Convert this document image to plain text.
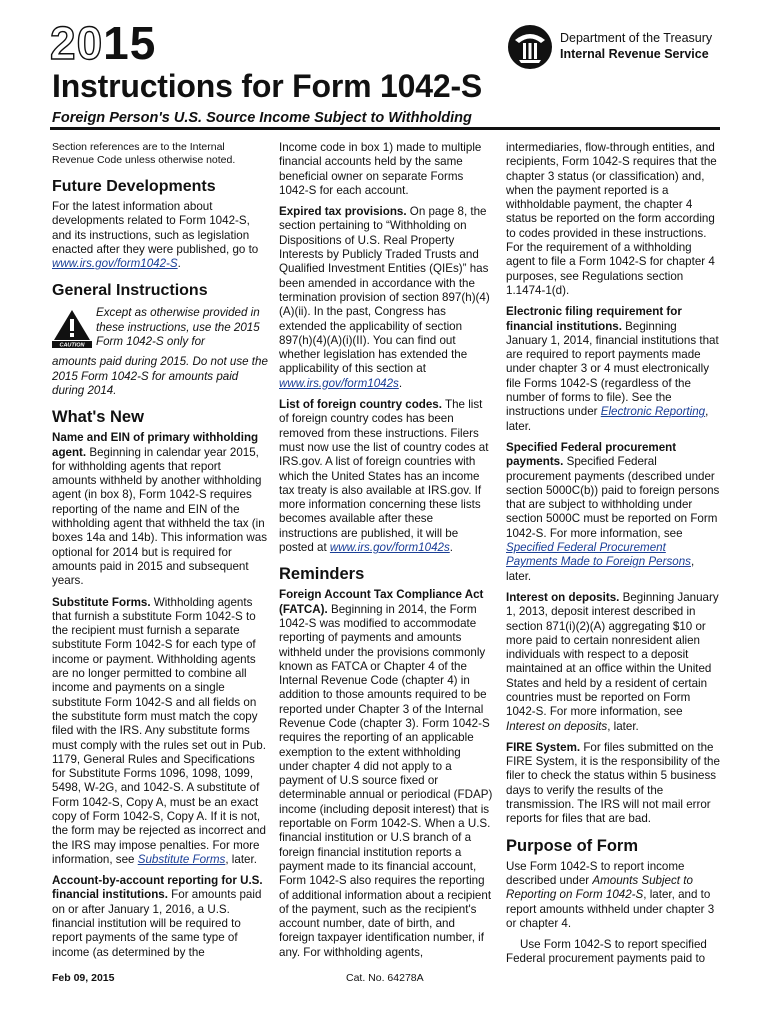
2015
Instructions for Form 1042-S
Foreign Person's U.S. Source Income Subject to Withholding
Department of the Treasury
Internal Revenue Service

Section references are to the Internal Revenue Code unless otherwise noted.

Future Developments

For the latest information about developments related to Form 1042-S, and its instructions, such as legislation enacted after they were published, go to www.irs.gov/form1042-S.

General Instructions
CAUTION
Except as otherwise provided in these instructions, use the 2015 Form 1042-S only for

amounts paid during 2015. Do not use the 2015 Form 1042-S for amounts paid during 2014.

What's New

Name and EIN of primary withholding agent. Beginning in calendar year 2015, for withholding agents that report amounts withheld by another withholding agent (in box 8), Form 1042-S requires reporting of the name and EIN of the withholding agent that withheld the tax (in boxes 14a and 14b). This information was optional for 2014 but is required for amounts paid in 2015 and subsequent years.

Substitute Forms. Withholding agents that furnish a substitute Form 1042-S to the recipient must furnish a separate substitute Form 1042-S for each type of income or payment. Withholding agents are no longer permitted to combine all income and payments on a single substitute Form 1042-S and all fields on the substitute form must match the copy filed with the IRS. Any substitute forms must comply with the rules set out in Pub. 1179, General Rules and Specifications for Substitute Forms 1096, 1098, 1099, 5498, W-2G, and 1042-S. A substitute of Form 1042-S, Copy A, must be an exact copy of Form 1042-S, Copy A. If it is not, the form may be rejected as incorrect and the IRS may impose penalties. For more information, see Substitute Forms, later.

Account-by-account reporting for U.S. financial institutions. For amounts paid on or after January 1, 2016, a U.S. financial institution will be required to report payments of the same type of income (as determined by the

Income code in box 1) made to multiple financial accounts held by the same beneficial owner on separate Forms 1042-S for each account.

Expired tax provisions. On page 8, the section pertaining to “Withholding on Dispositions of U.S. Real Property Interests by Publicly Traded Trusts and Qualified Investment Entities (QIEs)” has been amended in accordance with the termination provision of section 897(h)(4) (A)(ii). In the past, Congress has extended the applicability of section 897(h)(4)(A)(i)(II). You can find out whether legislation has extended the applicability of this section at www.irs.gov/form1042s.

List of foreign country codes. The list of foreign country codes has been removed from these instructions. Filers must now use the list of country codes at IRS.gov. A list of foreign countries with which the United States has an income tax treaty is also available at IRS.gov. If more information concerning these lists becomes available after these instructions are published, it will be posted at www.irs.gov/form1042s.

Reminders

Foreign Account Tax Compliance Act (FATCA). Beginning in 2014, the Form 1042-S was modified to accommodate reporting of payments and amounts withheld under the provisions commonly known as FATCA or Chapter 4 of the Internal Revenue Code (chapter 4) in addition to those amounts required to be reported under Chapter 3 of the Internal Revenue Code (chapter 3). Form 1042-S requires the reporting of an applicable exemption to the extent withholding under chapter 4 did not apply to a payment of U.S source fixed or determinable annual or periodical (FDAP) income (including deposit interest) that is reportable on Form 1042-S. When a U.S. financial institution or U.S branch of a foreign financial institution reports a payment made to its financial account, Form 1042-S also requires the reporting of additional information about a recipient of the payment, such as the recipient's account number, date of birth, and foreign taxpayer identification number, if any. For withholding agents,

intermediaries, flow-through entities, and recipients, Form 1042-S requires that the chapter 3 status (or classification) and, when the payment reported is a withholdable payment, the chapter 4 status be reported on the form according to codes provided in these instructions. For the requirement of a withholding agent to file a Form 1042-S for chapter 4 purposes, see Regulations section 1.1474-1(d).

Electronic filing requirement for financial institutions. Beginning January 1, 2014, financial institutions that are required to report payments made under chapter 3 or 4 must electronically file Forms 1042-S (regardless of the number of forms to file). See the instructions under Electronic Reporting, later.

Specified Federal procurement payments. Specified Federal procurement payments (described under section 5000C(b)) paid to foreign persons that are subject to withholding under section 5000C must be reported on Form 1042-S. For more information, see Specified Federal Procurement Payments Made to Foreign Persons, later.

Interest on deposits. Beginning January 1, 2013, deposit interest described in section 871(i)(2)(A) aggregating $10 or more paid to certain nonresident alien individuals with respect to a deposit maintained at an office within the United States and held by a resident of certain countries must be reported on Form 1042-S. For more information, see Interest on deposits, later.

FIRE System. For files submitted on the FIRE System, it is the responsibility of the filer to check the status within 5 business days to verify the results of the transmission. The IRS will not mail error reports for files that are bad.

Purpose of Form

Use Form 1042-S to report income described under Amounts Subject to Reporting on Form 1042-S, later, and to report amounts withheld under chapter 3 or chapter 4.

Use Form 1042-S to report specified Federal procurement payments paid to

Feb 09, 2015	Cat. No. 64278A
